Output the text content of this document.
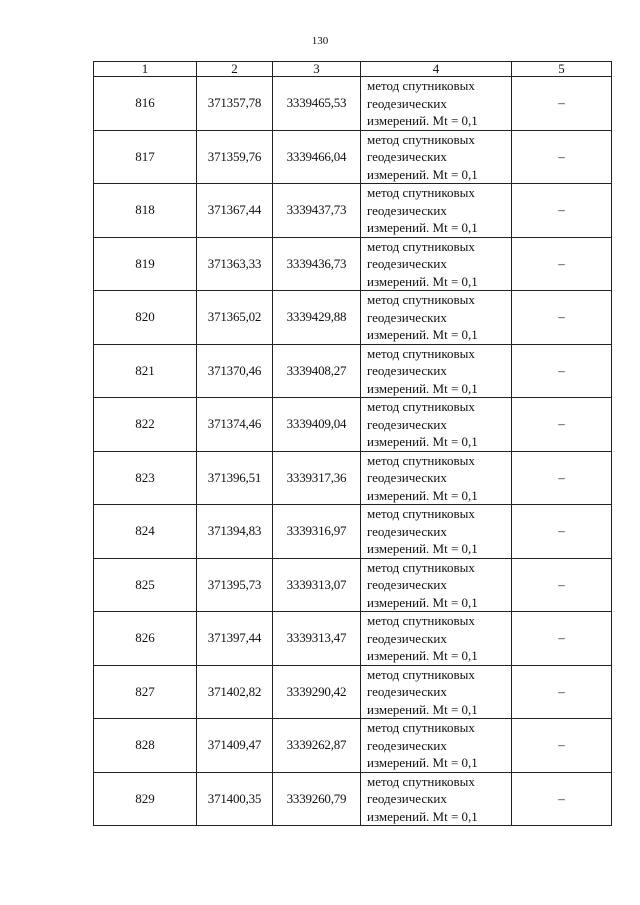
130
1	2	3	4	5
816	371357,78	3339465,53	метод спутниковых
геодезических
измерений. Mt = 0,1	–
817	371359,76	3339466,04	метод спутниковых
геодезических
измерений. Mt = 0,1	–
818	371367,44	3339437,73	метод спутниковых
геодезических
измерений. Mt = 0,1	–
819	371363,33	3339436,73	метод спутниковых
геодезических
измерений. Mt = 0,1	–
820	371365,02	3339429,88	метод спутниковых
геодезических
измерений. Mt = 0,1	–
821	371370,46	3339408,27	метод спутниковых
геодезических
измерений. Mt = 0,1	–
822	371374,46	3339409,04	метод спутниковых
геодезических
измерений. Mt = 0,1	–
823	371396,51	3339317,36	метод спутниковых
геодезических
измерений. Mt = 0,1	–
824	371394,83	3339316,97	метод спутниковых
геодезических
измерений. Mt = 0,1	–
825	371395,73	3339313,07	метод спутниковых
геодезических
измерений. Mt = 0,1	–
826	371397,44	3339313,47	метод спутниковых
геодезических
измерений. Mt = 0,1	–
827	371402,82	3339290,42	метод спутниковых
геодезических
измерений. Mt = 0,1	–
828	371409,47	3339262,87	метод спутниковых
геодезических
измерений. Mt = 0,1	–
829	371400,35	3339260,79	метод спутниковых
геодезических
измерений. Mt = 0,1	–
